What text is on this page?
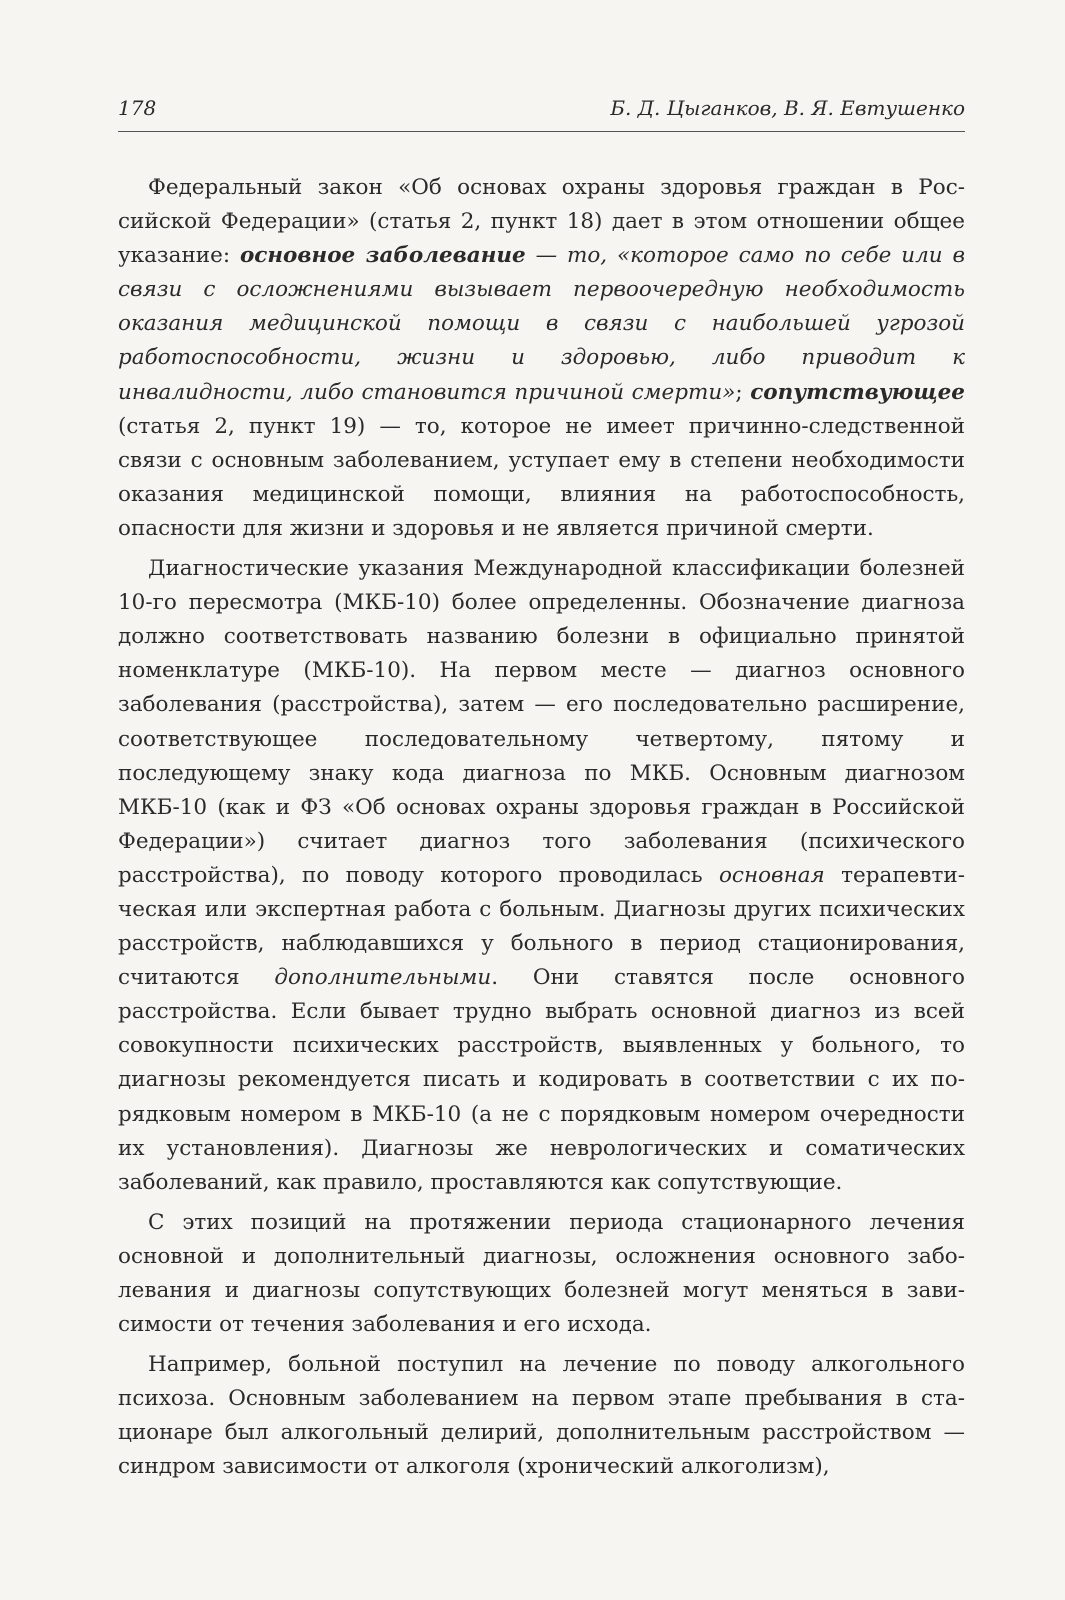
178	Б. Д. Цыганков, В. Я. Евтушенко

Федеральный закон «Об основах охраны здоровья граждан в Российской Федерации» (статья 2, пункт 18) дает в этом отношении общее указание: основное заболевание — то, «которое само по себе или в связи с осложнениями вызывает первоочередную необходимость оказания медицинской помощи в связи с наибольшей угрозой работоспособности, жизни и здоровью, либо приводит к инвалидности, либо становится причиной смерти»; сопутствующее (статья 2, пункт 19) — то, которое не имеет причинно-следственной связи с основным заболеванием, уступает ему в степени необходимости оказания медицинской помощи, влияния на работоспособность, опасности для жизни и здоровья и не является причиной смерти.

Диагностические указания Международной классификации болезней 10-го пересмотра (МКБ-10) более определенны. Обозначение диагноза должно соответствовать названию болезни в официально принятой номенклатуре (МКБ-10). На первом месте — диагноз основного заболевания (расстройства), затем — его последовательно расширение, соответствующее последовательному четвертому, пятому и последующему знаку кода диагноза по МКБ. Основным диагнозом МКБ-10 (как и ФЗ «Об основах охраны здоровья граждан в Российской Федерации») считает диагноз того заболевания (психического расстройства), по поводу которого проводилась основная терапевтическая или экспертная работа с больным. Диагнозы других психических расстройств, наблюдавшихся у больного в период стационирования, считаются дополнительными. Они ставятся после основного расстройства. Если бывает трудно выбрать основной диагноз из всей совокупности психических расстройств, выявленных у больного, то диагнозы рекомендуется писать и кодировать в соответствии с их порядковым номером в МКБ-10 (а не с порядковым номером очередности их установления). Диагнозы же неврологических и соматических заболеваний, как правило, проставляются как сопутствующие.

С этих позиций на протяжении периода стационарного лечения основной и дополнительный диагнозы, осложнения основного заболевания и диагнозы сопутствующих болезней могут меняться в зависимости от течения заболевания и его исхода.

Например, больной поступил на лечение по поводу алкогольного психоза. Основным заболеванием на первом этапе пребывания в стационаре был алкогольный делирий, дополнительным расстройством — синдром зависимости от алкоголя (хронический алкоголизм),
